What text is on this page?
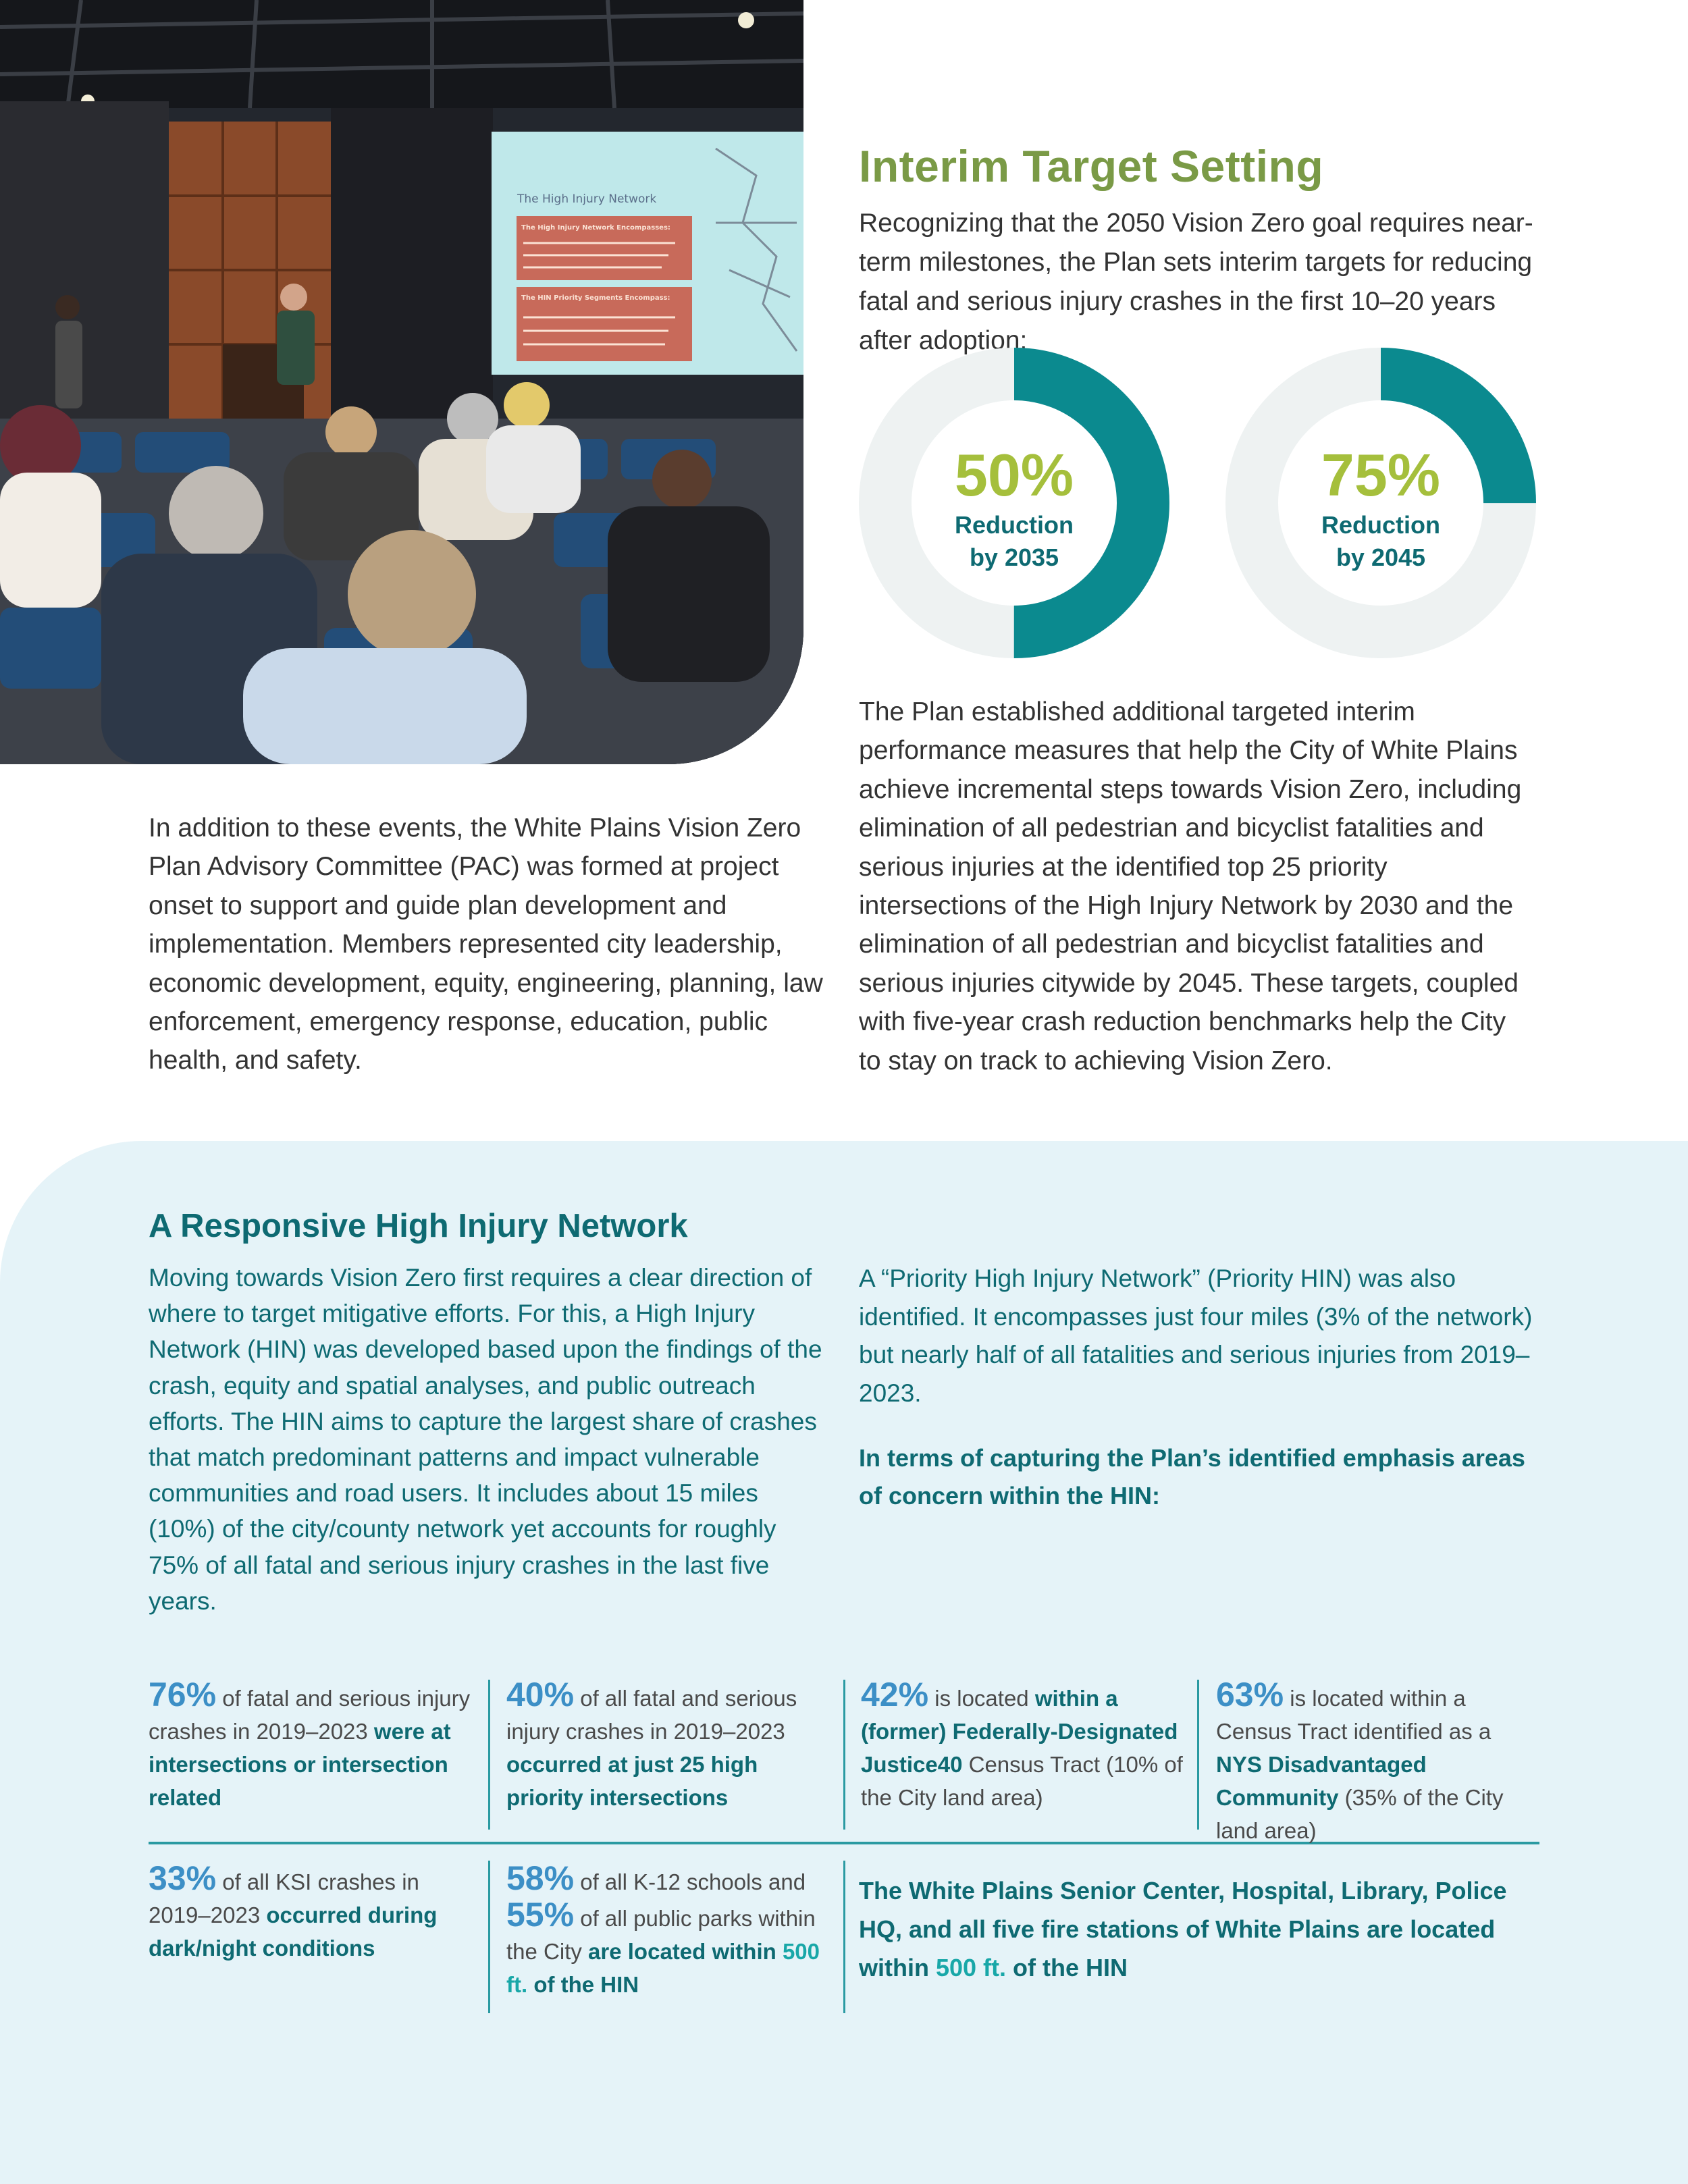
The High Injury Network
The High Injury Network Encompasses:
The HIN Priority Segments Encompass:
Interim Target Setting

Recognizing that the 2050 Vision Zero goal requires near-term milestones, the Plan sets interim targets for reducing fatal and serious injury crashes in the first 10–20 years after adoption:

50%
Reduction
by 2035
75%
Reduction
by 2045

The Plan established additional targeted interim performance measures that help the City of White Plains achieve incremental steps towards Vision Zero, including elimination of all pedestrian and bicyclist fatalities and serious injuries at the identified top 25 priority intersections of the High Injury Network by 2030 and the elimination of all pedestrian and bicyclist fatalities and serious injuries citywide by 2045. These targets, coupled with five-year crash reduction benchmarks help the City to stay on track to achieving Vision Zero.

In addition to these events, the White Plains Vision Zero Plan Advisory Committee (PAC) was formed at project onset to support and guide plan development and implementation. Members represented city leadership, economic development, equity, engineering, planning, law enforcement, emergency response, education, public health, and safety.

A Responsive High Injury Network

Moving towards Vision Zero first requires a clear direction of where to target mitigative efforts. For this, a High Injury Network (HIN) was developed based upon the findings of the crash, equity and spatial analyses, and public outreach efforts. The HIN aims to capture the largest share of crashes that match predominant patterns and impact vulnerable communities and road users. It includes about 15 miles (10%) of the city/county network yet accounts for roughly 75% of all fatal and serious injury crashes in the last five years.

A “Priority High Injury Network” (Priority HIN) was also identified. It encompasses just four miles (3% of the network) but nearly half of all fatalities and serious injuries from 2019–2023.

In terms of capturing the Plan’s identified emphasis areas of concern within the HIN:

76% of fatal and serious injury crashes in 2019–2023 were at intersections or intersection related

40% of all fatal and serious injury crashes in 2019–2023 occurred at just 25 high priority intersections

42% is located within a (former) Federally-Designated Justice40 Census Tract (10% of the City land area)

63% is located within a Census Tract identified as a NYS Disadvantaged Community (35% of the City land area)

33% of all KSI crashes in 2019–2023 occurred during dark/night conditions

58% of all K-12 schools and
55% of all public parks within the City are located within 500 ft. of the HIN

The White Plains Senior Center, Hospital, Library, Police HQ, and all five fire stations of White Plains are located within 500 ft. of the HIN
